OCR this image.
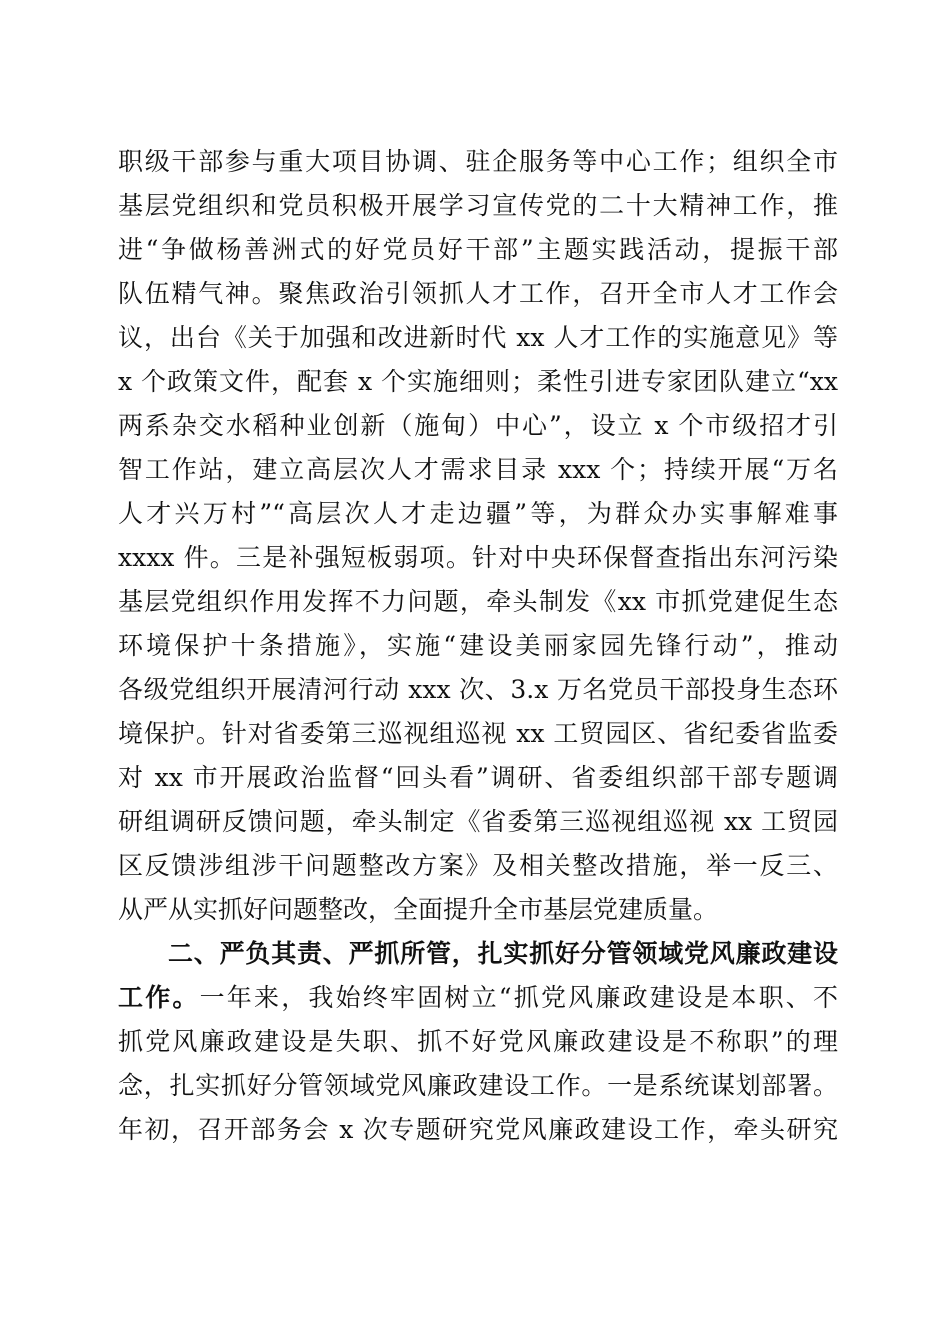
职级干部参与重大项目协调、驻企服务等中心工作；组织全市
基层党组织和党员积极开展学习宣传党的二十大精神工作，推
进“争做杨善洲式的好党员好干部”主题实践活动，提振干部
队伍精气神。聚焦政治引领抓人才工作，召开全市人才工作会
议，出台《关于加强和改进新时代 xx 人才工作的实施意见》等
x 个政策文件，配套 x 个实施细则；柔性引进专家团队建立“xx
两系杂交水稻种业创新（施甸）中心”，设立 x 个市级招才引
智工作站，建立高层次人才需求目录 xxx 个；持续开展“万名
人才兴万村”“高层次人才走边疆”等，为群众办实事解难事
xxxx 件。三是补强短板弱项。针对中央环保督查指出东河污染
基层党组织作用发挥不力问题，牵头制发《xx 市抓党建促生态
环境保护十条措施》，实施“建设美丽家园先锋行动”，推动
各级党组织开展清河行动 xxx 次、3.x 万名党员干部投身生态环
境保护。针对省委第三巡视组巡视 xx 工贸园区、省纪委省监委
对 xx 市开展政治监督“回头看”调研、省委组织部干部专题调
研组调研反馈问题，牵头制定《省委第三巡视组巡视 xx 工贸园
区反馈涉组涉干问题整改方案》及相关整改措施，举一反三、
从严从实抓好问题整改，全面提升全市基层党建质量。
二、严负其责、严抓所管，扎实抓好分管领域党风廉政建设
工作。一年来，我始终牢固树立“抓党风廉政建设是本职、不
抓党风廉政建设是失职、抓不好党风廉政建设是不称职”的理
念，扎实抓好分管领域党风廉政建设工作。一是系统谋划部署。
年初，召开部务会 x 次专题研究党风廉政建设工作，牵头研究
